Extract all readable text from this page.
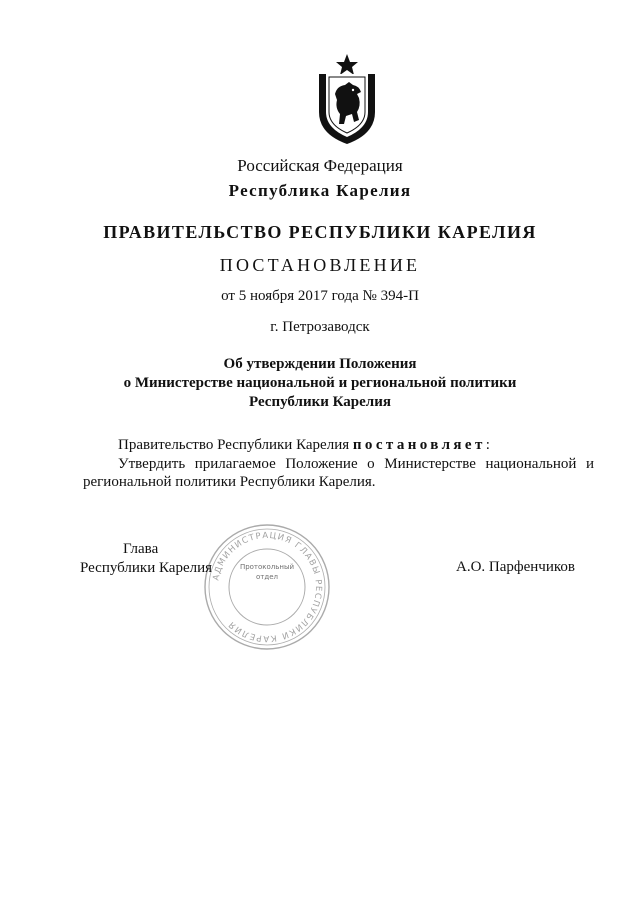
Российская Федерация
Республика Карелия
ПРАВИТЕЛЬСТВО РЕСПУБЛИКИ КАРЕЛИЯ
ПОСТАНОВЛЕНИЕ
от 5 ноября 2017 года № 394-П
г. Петрозаводск
Об утверждении Положения
о Министерстве национальной и региональной политики
Республики Карелия
Правительство Республики Карелия постановляет:
Утвердить прилагаемое Положение о Министерстве национальной и
региональной политики Республики Карелия.
АДМИНИСТРАЦИЯ ГЛАВЫ РЕСПУБЛИКИ КАРЕЛИЯ
Протокольный
отдел
Глава
Республики Карелия	А.О. Парфенчиков
